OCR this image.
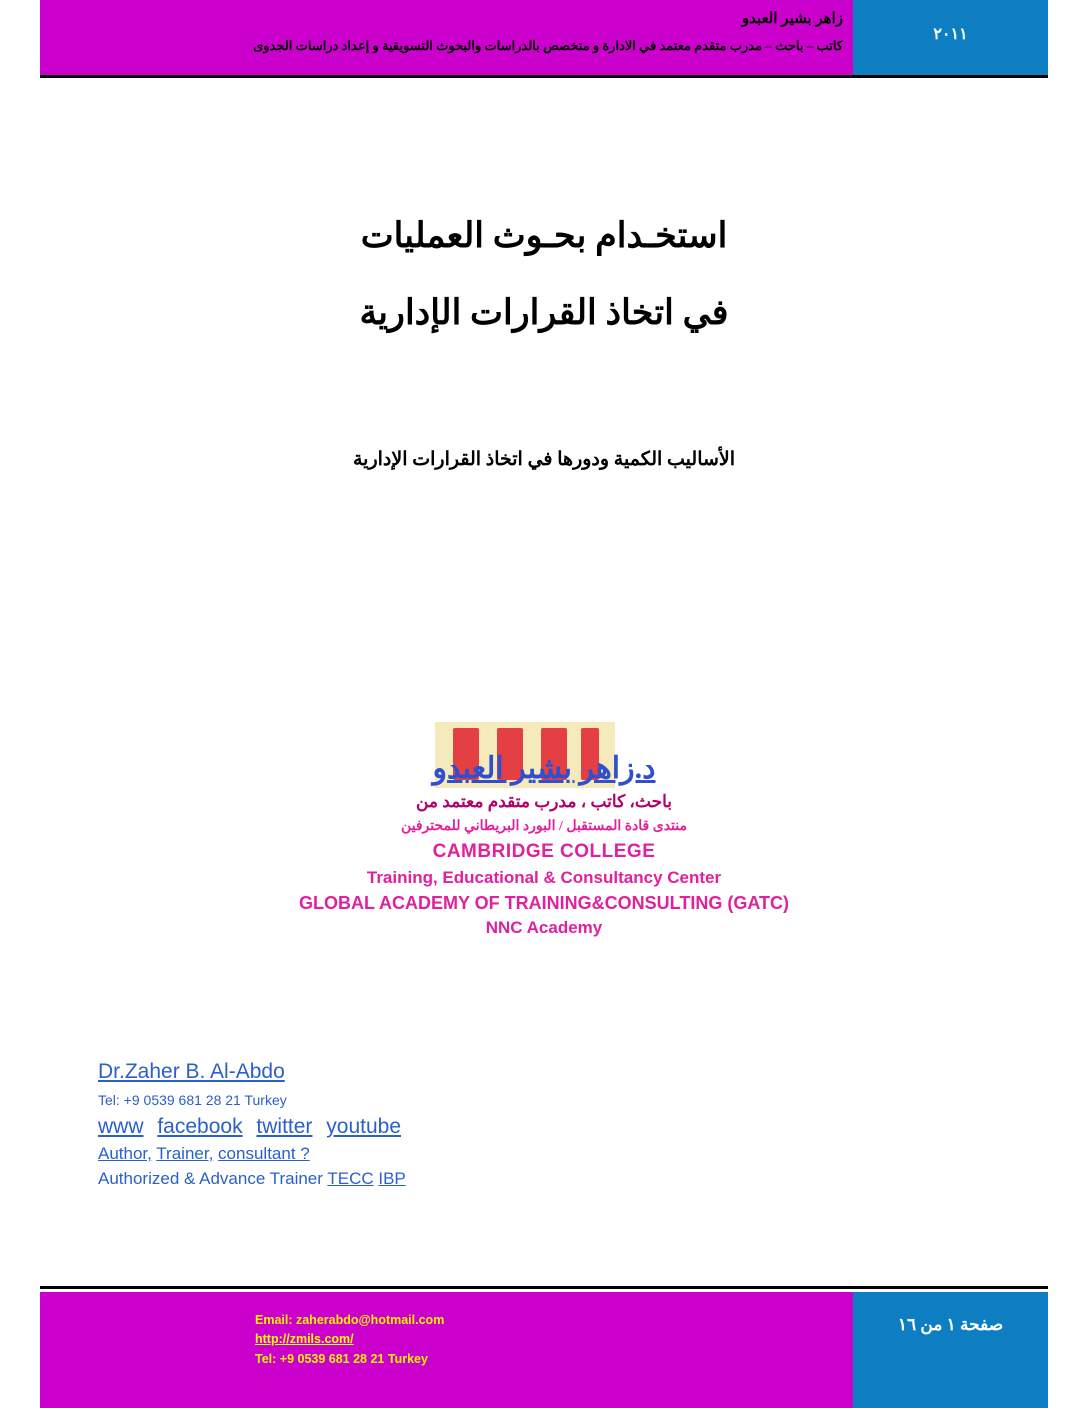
زاهر بشير العبدو
كاتب – باحث – مدرب متقدم معتمد في الادارة و متخصص بالدراسات والبحوث التسويقية و إعداد دراسات الجدوى
٢٠١١
استخـدام بحـوث العمليات
في اتخاذ القرارات الإدارية
الأساليب الكمية ودورها في اتخاذ القرارات الإدارية
د.زاهر بشير العبدو
باحث، كاتب ، مدرب متقدم معتمد من
منتدى قادة المستقبل / البورد البريطاني للمحترفين
CAMBRIDGE COLLEGE
Training, Educational & Consultancy Center
GLOBAL ACADEMY OF TRAINING&CONSULTING (GATC)
NNC Academy
Dr.Zaher B. Al-Abdo
Tel: +9 0539 681 28 21 Turkey
www facebook twitter youtube
Author, Trainer, consultant ?
Authorized & Advance Trainer TECC IBP
صفحة ١ من ١٦
Email: zaherabdo@hotmail.com
http://zmils.com/
Tel: +9 0539 681 28 21 Turkey
